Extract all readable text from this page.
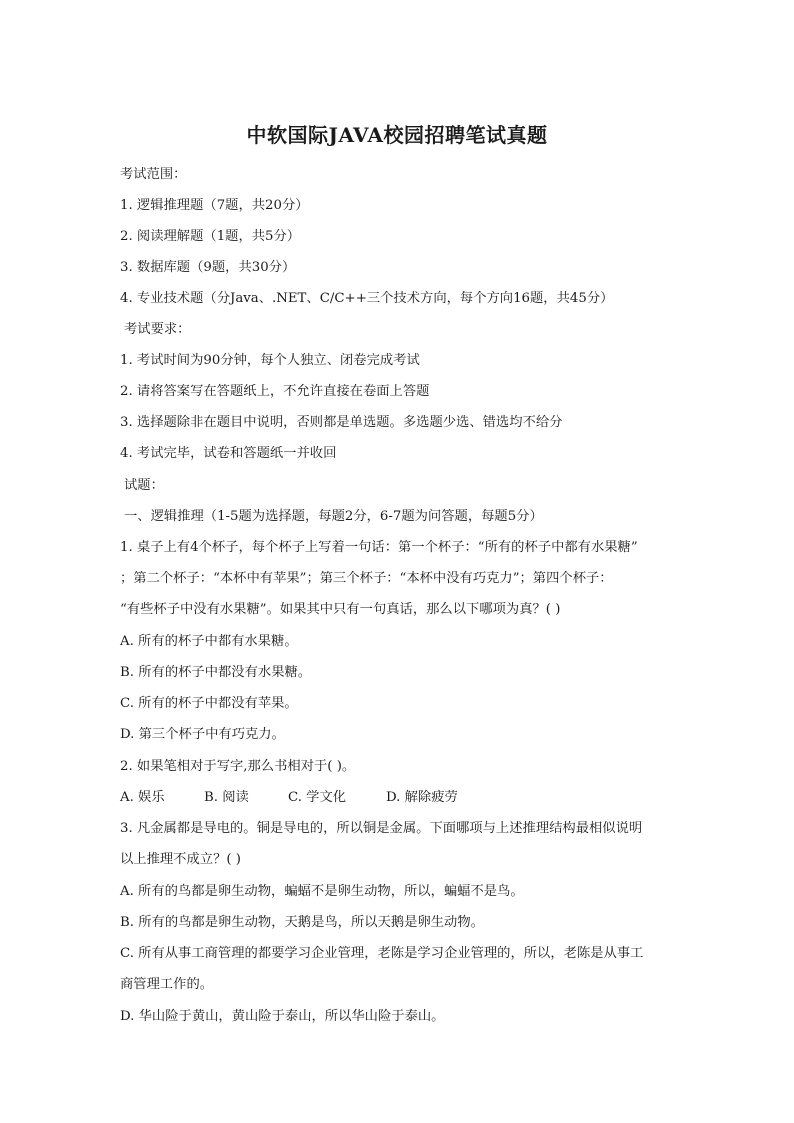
中软国际JAVA校园招聘笔试真题
考试范围：
1. 逻辑推理题（7题，共20分）
2. 阅读理解题（1题，共5分）
3. 数据库题（9题，共30分）
4. 专业技术题（分Java、.NET、C/C++三个技术方向，每个方向16题，共45分）
考试要求：
1. 考试时间为90分钟，每个人独立、闭卷完成考试
2. 请将答案写在答题纸上，不允许直接在卷面上答题
3. 选择题除非在题目中说明，否则都是单选题。多选题少选、错选均不给分
4. 考试完毕，试卷和答题纸一并收回
试题：
一、逻辑推理（1-5题为选择题，每题2分，6-7题为问答题，每题5分）
1. 桌子上有4个杯子，每个杯子上写着一句话：第一个杯子：“所有的杯子中都有水果糖”
；第二个杯子：“本杯中有苹果”；第三个杯子：“本杯中没有巧克力”；第四个杯子：
“有些杯子中没有水果糖”。如果其中只有一句真话，那么以下哪项为真？( )
A. 所有的杯子中都有水果糖。
B. 所有的杯子中都没有水果糖。
C. 所有的杯子中都没有苹果。
D. 第三个杯子中有巧克力。
2. 如果笔相对于写字,那么书相对于( )。
A. 娱乐	B. 阅读	C. 学文化	D. 解除疲劳
3. 凡金属都是导电的。铜是导电的，所以铜是金属。下面哪项与上述推理结构最相似说明
以上推理不成立？( )
A. 所有的鸟都是卵生动物，蝙蝠不是卵生动物，所以，蝙蝠不是鸟。
B. 所有的鸟都是卵生动物，天鹅是鸟，所以天鹅是卵生动物。
C. 所有从事工商管理的都要学习企业管理，老陈是学习企业管理的，所以，老陈是从事工
商管理工作的。
D. 华山险于黄山，黄山险于泰山，所以华山险于泰山。
